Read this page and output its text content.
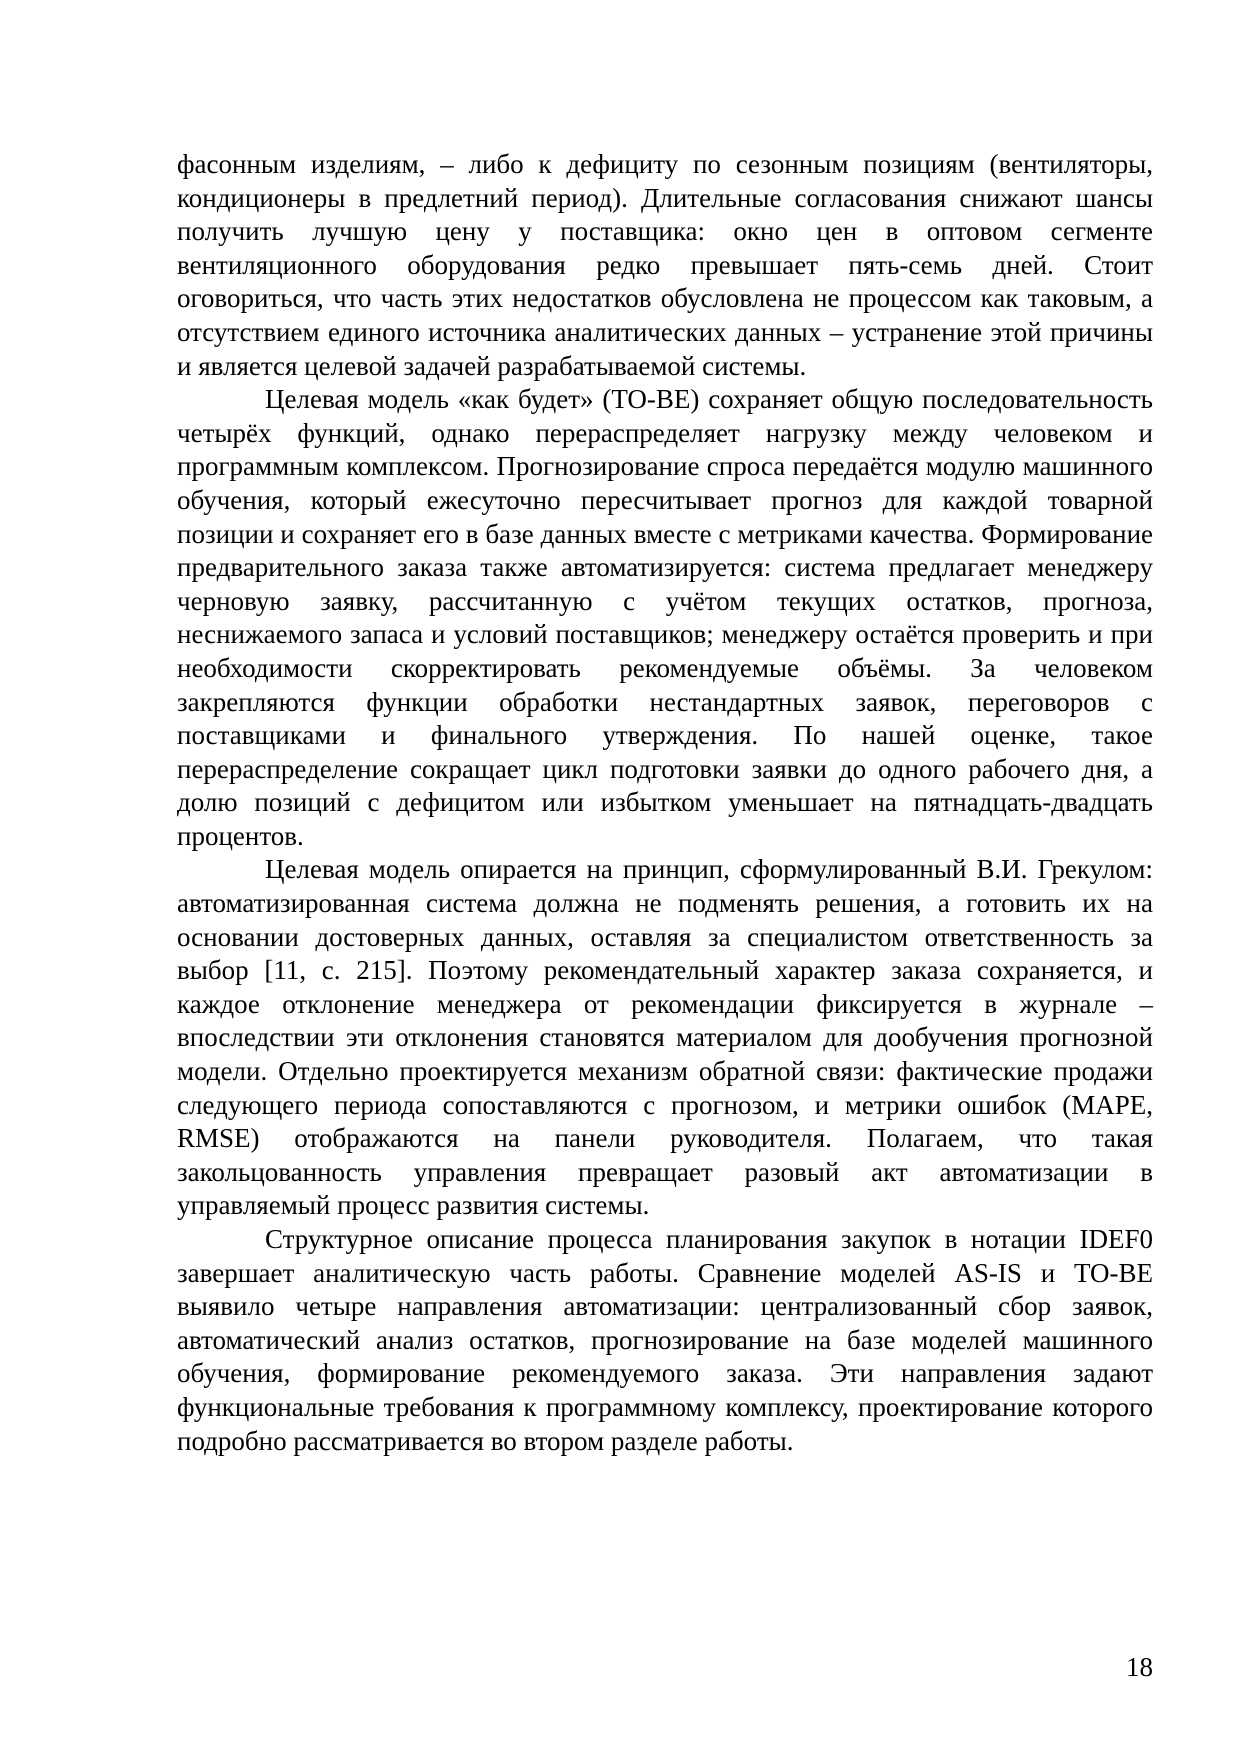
фасонным изделиям, – либо к дефициту по сезонным позициям (вентиляторы, кондиционеры в предлетний период). Длительные согласования снижают шансы получить лучшую цену у поставщика: окно цен в оптовом сегменте вентиляционного оборудования редко превышает пять-семь дней. Стоит оговориться, что часть этих недостатков обусловлена не процессом как таковым, а отсутствием единого источника аналитических данных – устранение этой причины и является целевой задачей разрабатываемой системы.

Целевая модель «как будет» (TO-BE) сохраняет общую последовательность четырёх функций, однако перераспределяет нагрузку между человеком и программным комплексом. Прогнозирование спроса передаётся модулю машинного обучения, который ежесуточно пересчитывает прогноз для каждой товарной позиции и сохраняет его в базе данных вместе с метриками качества. Формирование предварительного заказа также автоматизируется: система предлагает менеджеру черновую заявку, рассчитанную с учётом текущих остатков, прогноза, неснижаемого запаса и условий поставщиков; менеджеру остаётся проверить и при необходимости скорректировать рекомендуемые объёмы. За человеком закрепляются функции обработки нестандартных заявок, переговоров с поставщиками и финального утверждения. По нашей оценке, такое перераспределение сокращает цикл подготовки заявки до одного рабочего дня, а долю позиций с дефицитом или избытком уменьшает на пятнадцать-двадцать процентов.

Целевая модель опирается на принцип, сформулированный В.И. Грекулом: автоматизированная система должна не подменять решения, а готовить их на основании достоверных данных, оставляя за специалистом ответственность за выбор [11, с. 215]. Поэтому рекомендательный характер заказа сохраняется, и каждое отклонение менеджера от рекомендации фиксируется в журнале – впоследствии эти отклонения становятся материалом для дообучения прогнозной модели. Отдельно проектируется механизм обратной связи: фактические продажи следующего периода сопоставляются с прогнозом, и метрики ошибок (MAPE, RMSE) отображаются на панели руководителя. Полагаем, что такая закольцованность управления превращает разовый акт автоматизации в управляемый процесс развития системы.

Структурное описание процесса планирования закупок в нотации IDEF0 завершает аналитическую часть работы. Сравнение моделей AS-IS и TO-BE выявило четыре направления автоматизации: централизованный сбор заявок, автоматический анализ остатков, прогнозирование на базе моделей машинного обучения, формирование рекомендуемого заказа. Эти направления задают функциональные требования к программному комплексу, проектирование которого подробно рассматривается во втором разделе работы.

18
